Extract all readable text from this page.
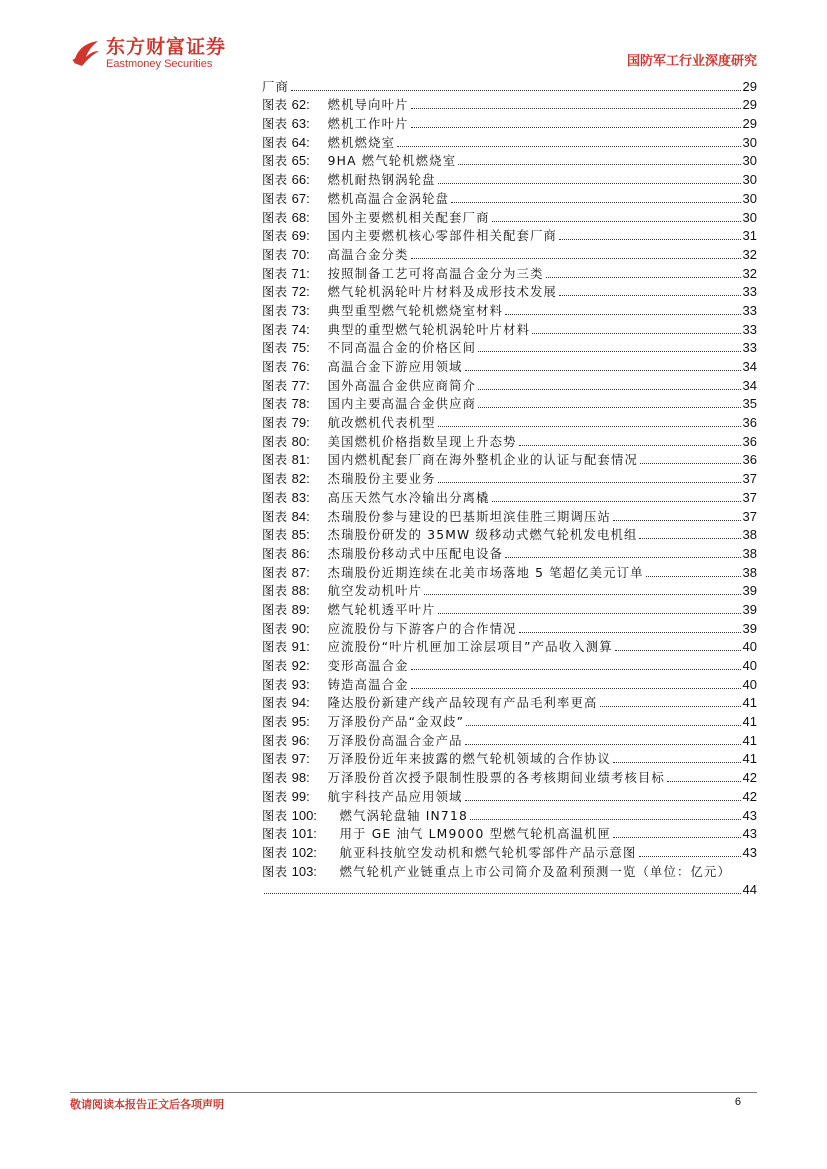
东方财富证券
Eastmoney Securities	国防军工行业深度研究
厂商	29
图表 62:	燃机导向叶片	29
图表 63:	燃机工作叶片	29
图表 64:	燃机燃烧室	30
图表 65:	9HA 燃气轮机燃烧室	30
图表 66:	燃机耐热钢涡轮盘	30
图表 67:	燃机高温合金涡轮盘	30
图表 68:	国外主要燃机相关配套厂商	30
图表 69:	国内主要燃机核心零部件相关配套厂商	31
图表 70:	高温合金分类	32
图表 71:	按照制备工艺可将高温合金分为三类	32
图表 72:	燃气轮机涡轮叶片材料及成形技术发展	33
图表 73:	典型重型燃气轮机燃烧室材料	33
图表 74:	典型的重型燃气轮机涡轮叶片材料	33
图表 75:	不同高温合金的价格区间	33
图表 76:	高温合金下游应用领域	34
图表 77:	国外高温合金供应商简介	34
图表 78:	国内主要高温合金供应商	35
图表 79:	航改燃机代表机型	36
图表 80:	美国燃机价格指数呈现上升态势	36
图表 81:	国内燃机配套厂商在海外整机企业的认证与配套情况	36
图表 82:	杰瑞股份主要业务	37
图表 83:	高压天然气水冷输出分离橇	37
图表 84:	杰瑞股份参与建设的巴基斯坦滨佳胜三期调压站	37
图表 85:	杰瑞股份研发的 35MW 级移动式燃气轮机发电机组	38
图表 86:	杰瑞股份移动式中压配电设备	38
图表 87:	杰瑞股份近期连续在北美市场落地 5 笔超亿美元订单	38
图表 88:	航空发动机叶片	39
图表 89:	燃气轮机透平叶片	39
图表 90:	应流股份与下游客户的合作情况	39
图表 91:	应流股份“叶片机匣加工涂层项目”产品收入测算	40
图表 92:	变形高温合金	40
图表 93:	铸造高温合金	40
图表 94:	隆达股份新建产线产品较现有产品毛利率更高	41
图表 95:	万泽股份产品“金双歧”	41
图表 96:	万泽股份高温合金产品	41
图表 97:	万泽股份近年来披露的燃气轮机领域的合作协议	41
图表 98:	万泽股份首次授予限制性股票的各考核期间业绩考核目标	42
图表 99:	航宇科技产品应用领域	42
图表 100:	燃气涡轮盘轴 IN718	43
图表 101:	用于 GE 油气 LM9000 型燃气轮机高温机匣	43
图表 102:	航亚科技航空发动机和燃气轮机零部件产品示意图	43
图表 103:	燃气轮机产业链重点上市公司简介及盈利预测一览（单位：亿元）
44
敬请阅读本报告正文后各项声明	6
